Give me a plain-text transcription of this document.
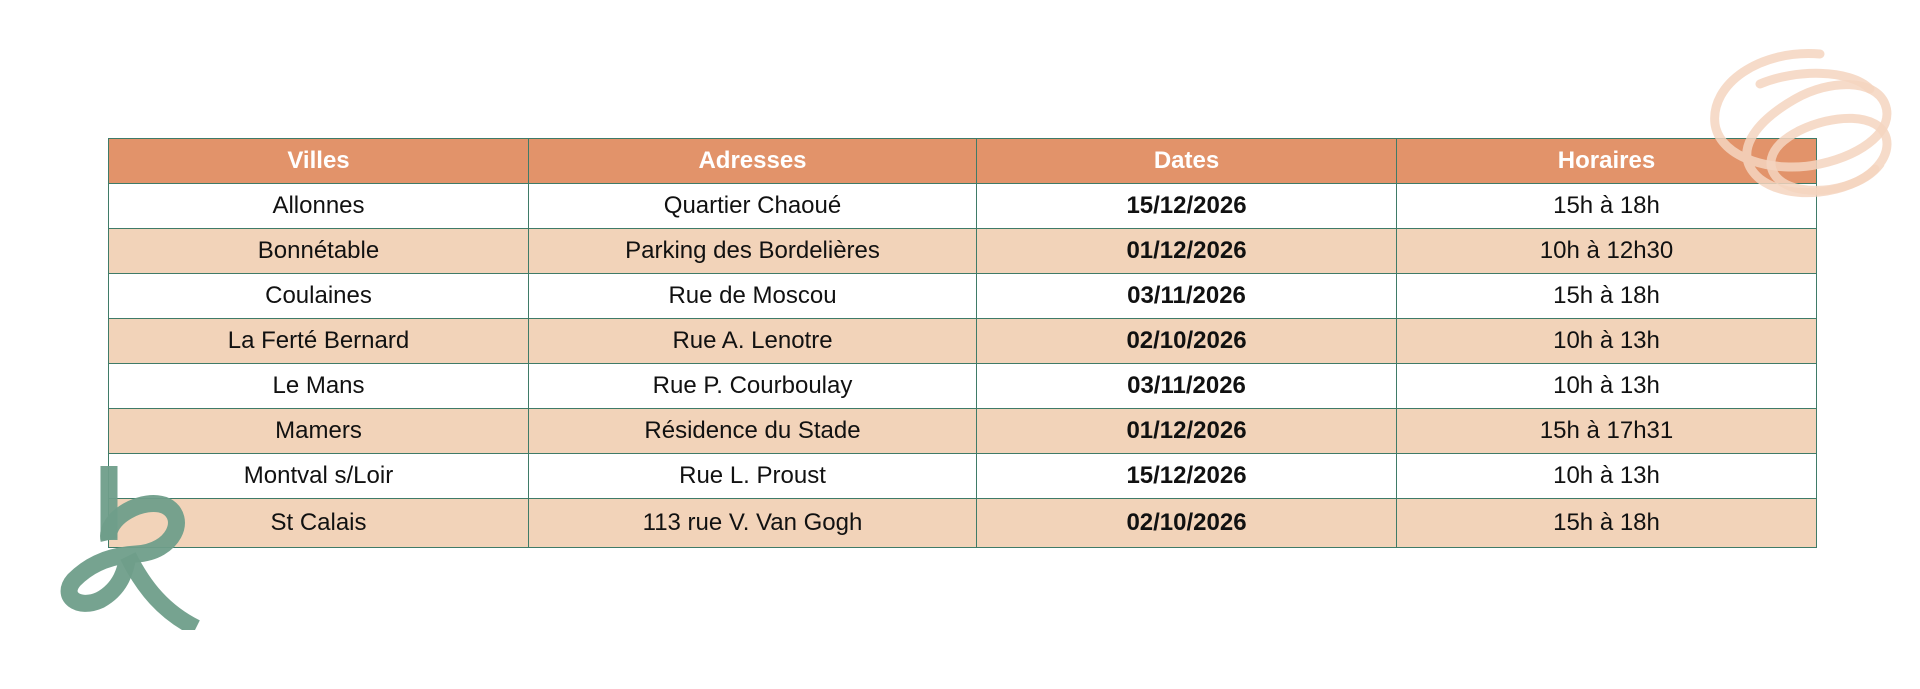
Villes	Adresses	Dates	Horaires
Allonnes	Quartier Chaoué	15/12/2026	15h à 18h
Bonnétable	Parking des Bordelières	01/12/2026	10h à 12h30
Coulaines	Rue de Moscou	03/11/2026	15h à 18h
La Ferté Bernard	Rue A. Lenotre	02/10/2026	10h à 13h
Le Mans	Rue P. Courboulay	03/11/2026	10h à 13h
Mamers	Résidence du Stade	01/12/2026	15h à 17h31
Montval s/Loir	Rue L. Proust	15/12/2026	10h à 13h
St Calais	113 rue V. Van Gogh	02/10/2026	15h à 18h
